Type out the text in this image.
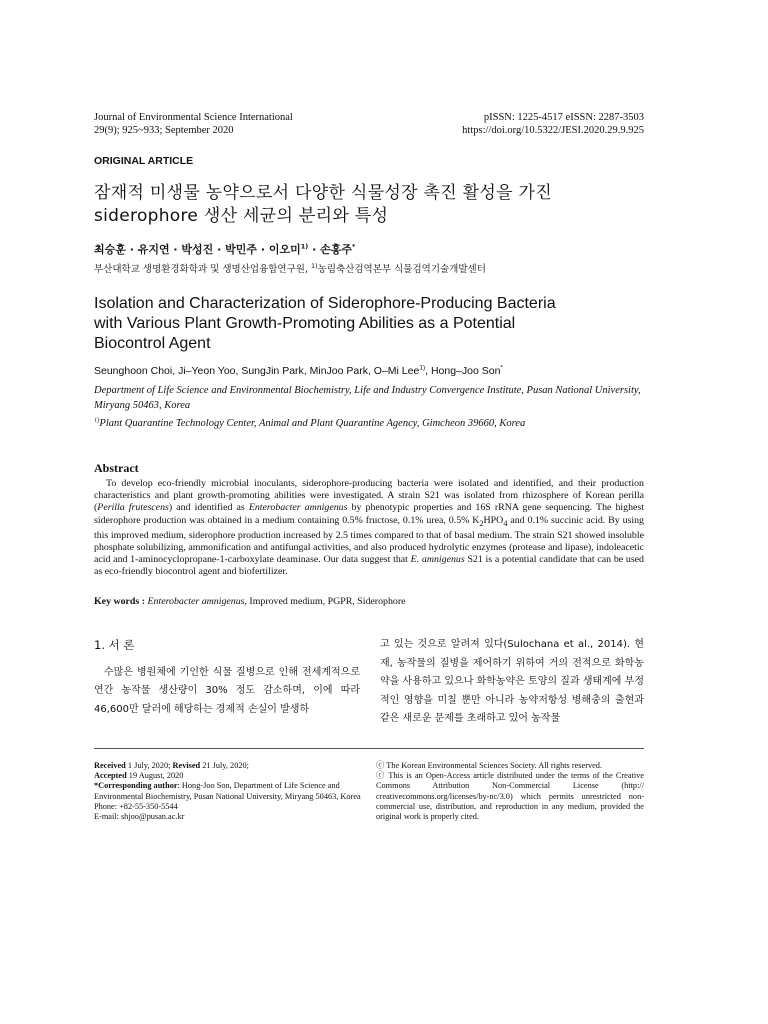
Journal of Environmental Science International
29(9); 925~933; September 2020
pISSN: 1225-4517 eISSN: 2287-3503
https://doi.org/10.5322/JESI.2020.29.9.925
ORIGINAL ARTICLE
잠재적 미생물 농약으로서 다양한 식물성장 촉진 활성을 가진
siderophore 생산 세균의 분리와 특성
최승훈 · 유지연 · 박성진 · 박민주 · 이오미$^{1)}$ · 손홍주*
부산대학교 생명환경화학과 및 생명산업융합연구원, $^{1)}$농림축산검역본부 식물검역기술개발센터
Isolation and Characterization of Siderophore-Producing Bacteria
with Various Plant Growth-Promoting Abilities as a Potential
Biocontrol Agent
Seunghoon Choi, Ji–Yeon Yoo, SungJin Park, MinJoo Park, O–Mi Lee$^{1)}$, Hong–Joo Son*

Department of Life Science and Environmental Biochemistry, Life and Industry Convergence Institute, Pusan National University, Miryang 50463, Korea

$^{1)}$Plant Quarantine Technology Center, Animal and Plant Quarantine Agency, Gimcheon 39660, Korea

Abstract

To develop eco-friendly microbial inoculants, siderophore-producing bacteria were isolated and identified, and their production characteristics and plant growth-promoting abilities were investigated. A strain S21 was isolated from rhizosphere of Korean perilla (Perilla frutescens) and identified as Enterobacter amnigenus by phenotypic properties and 16S rRNA gene sequencing. The highest siderophore production was obtained in a medium containing 0.5% fructose, 0.1% urea, 0.5% $K_2HPO_4$ and 0.1% succinic acid. By using this improved medium, siderophore production increased by 2.5 times compared to that of basal medium. The strain S21 showed insoluble phosphate solubilizing, ammonification and antifungal activities, and also produced hydrolytic enzymes (protease and lipase), indoleacetic acid and 1-aminocyclopropane-1-carboxylate deaminase. Our data suggest that E. amnigenus S21 is a potential candidate that can be used as eco-friendly biocontrol agent and biofertilizer.

Key words : Enterobacter amnigenus, Improved medium, PGPR, Siderophore
1. 서 론

수많은 병원체에 기인한 식물 질병으로 인해 전세계적으로 연간 농작물 생산량이 30% 정도 감소하며, 이에 따라 46,600만 달러에 해당하는 경제적 손실이 발생하

고 있는 것으로 알려져 있다(Sulochana et al., 2014). 현재, 농작물의 질병을 제어하기 위하여 거의 전적으로 화학농약을 사용하고 있으나 화학농약은 토양의 질과 생태계에 부정적인 영향을 미칠 뿐만 아니라 농약저항성 병해충의 출현과 같은 새로운 문제를 초래하고 있어 농작물

Received 1 July, 2020; Revised 21 July, 2020;

Accepted 19 August, 2020

*Corresponding author: Hong-Joo Son, Department of Life Science and Environmental Biochemistry, Pusan National University, Miryang 50463, Korea

Phone: +82-55-350-5544

E-mail: shjoo@pusan.ac.kr

ⓒ The Korean Environmental Sciences Society. All rights reserved.

ⓒ This is an Open-Access article distributed under the terms of the Creative Commons Attribution Non-Commercial License (http:// creativecommons.org/licenses/by-nc/3.0) which permits unrestricted non-commercial use, distribution, and reproduction in any medium, provided the original work is properly cited.
